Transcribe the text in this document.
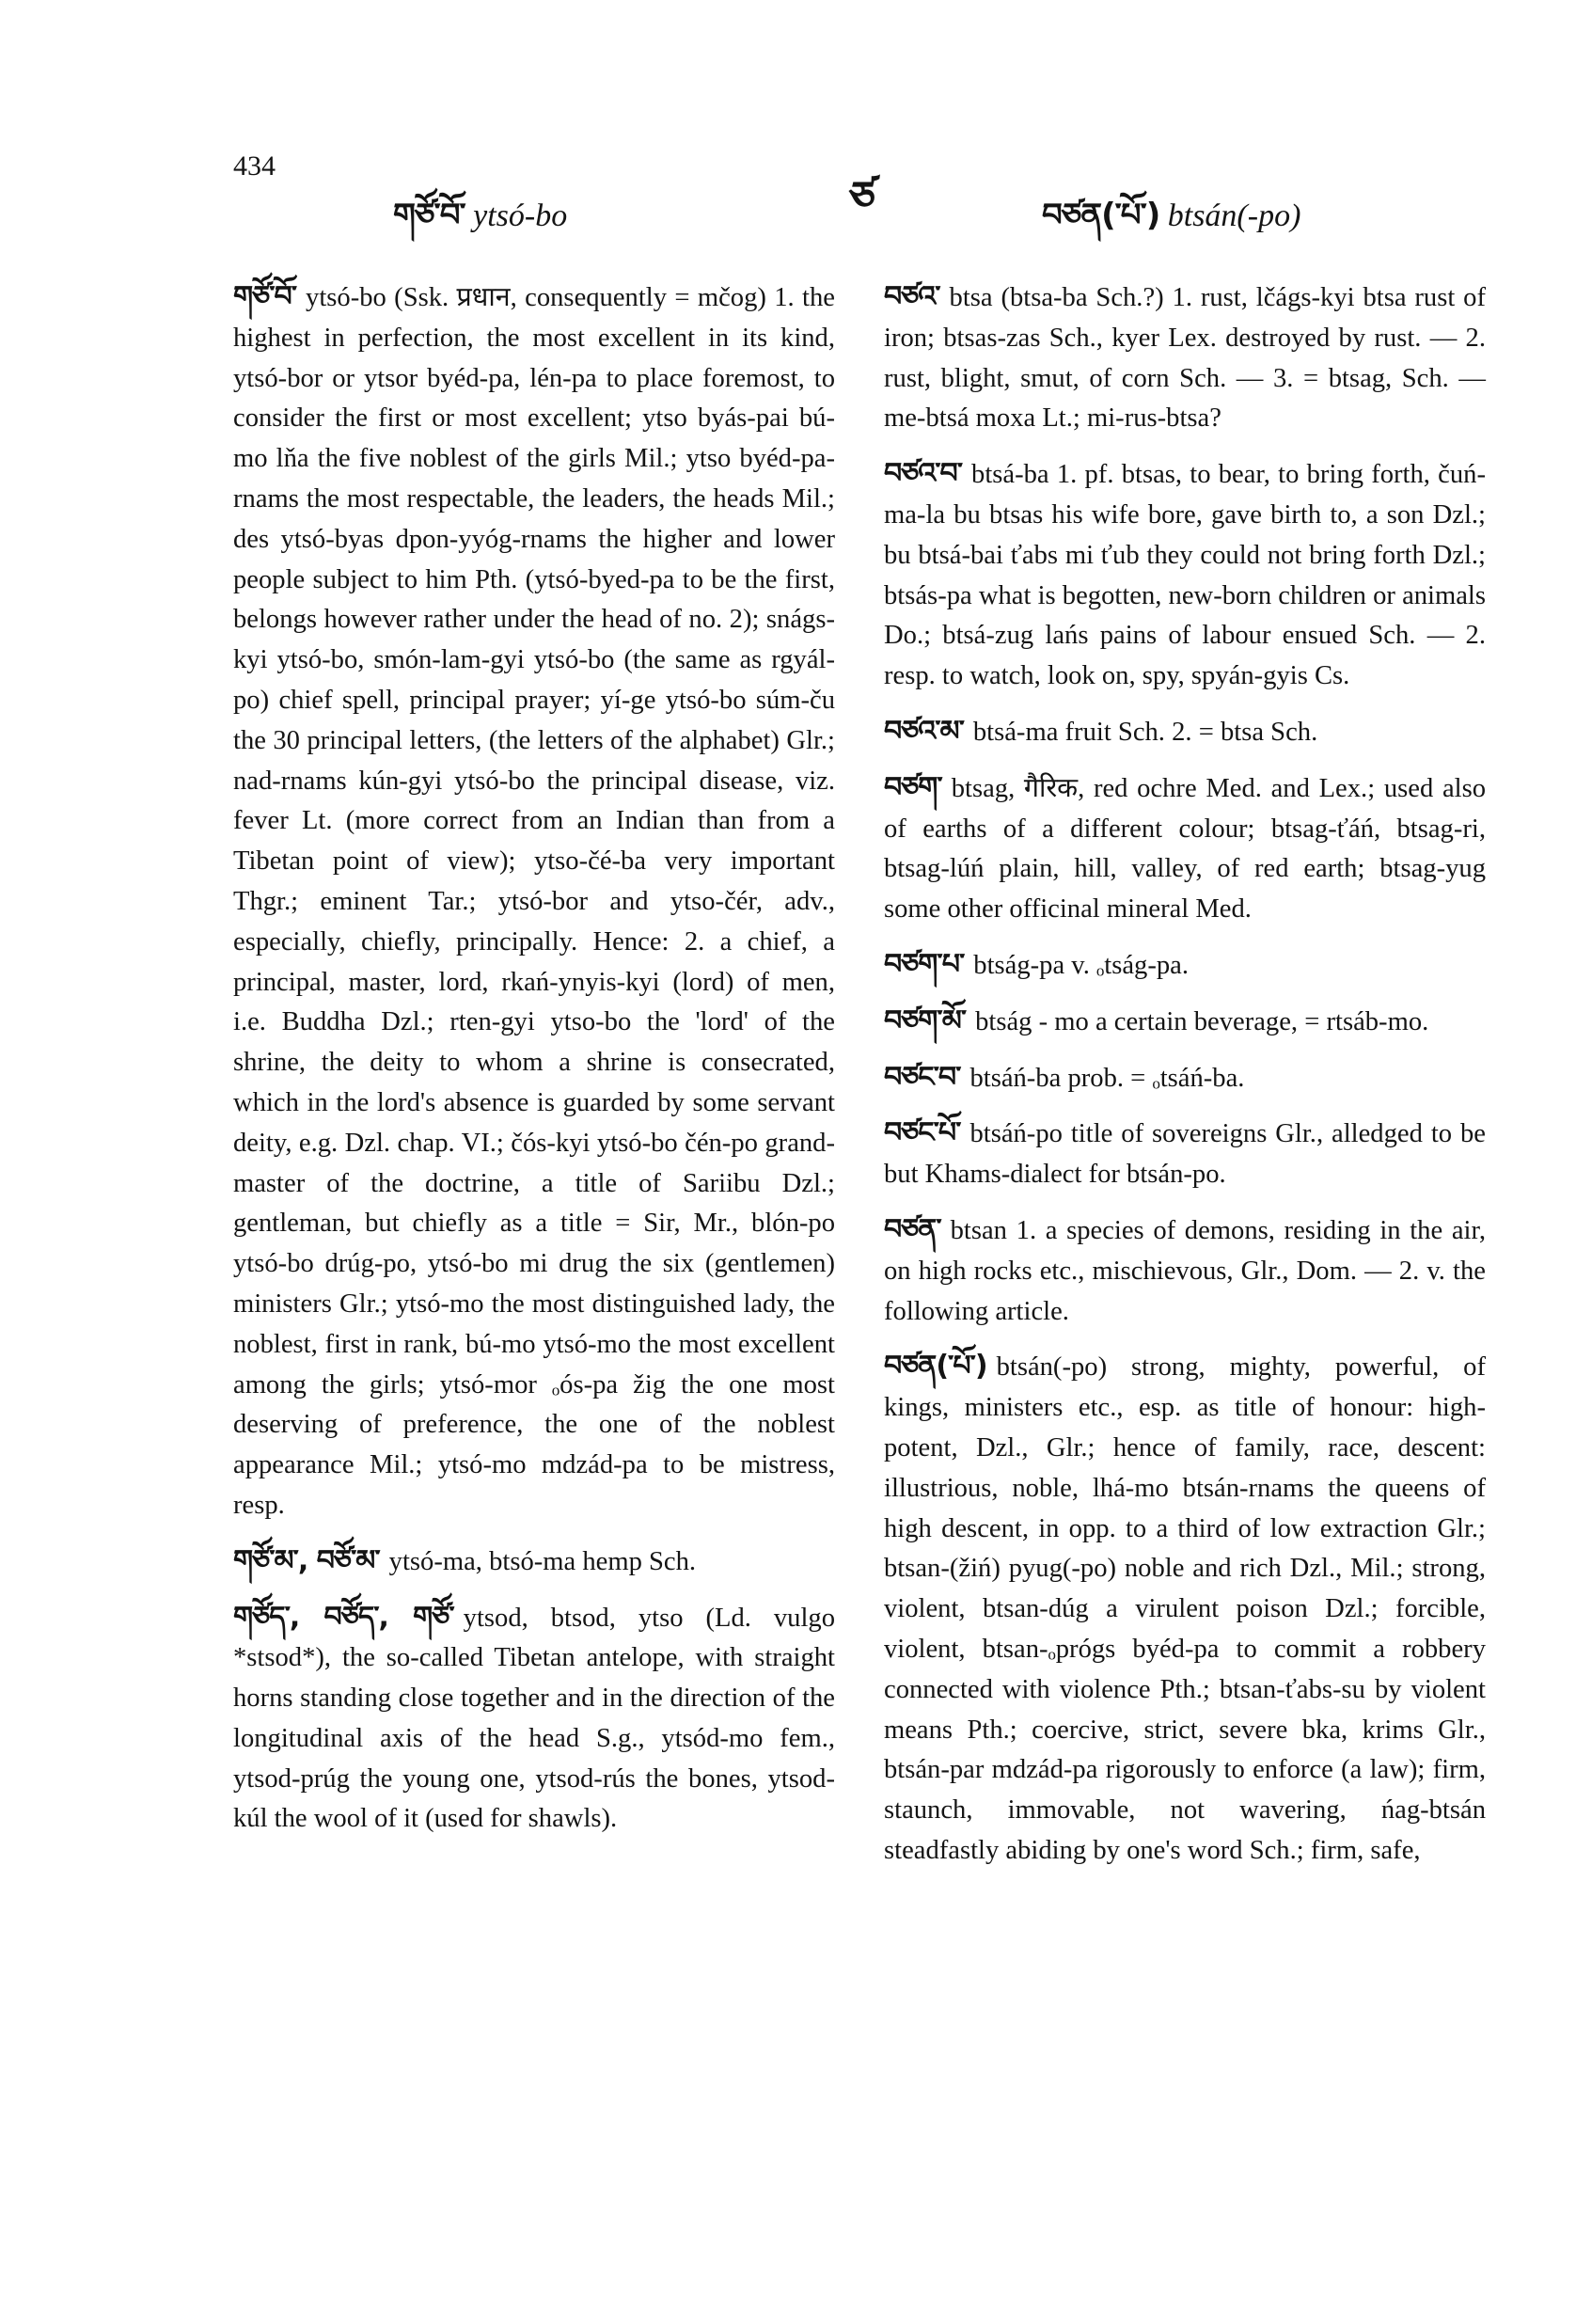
434
གཙོ་བོ་ ytsó-bo	ཙ	བཙན(་པོ་) btsán(-po)

གཙོ་བོ་ ytsó-bo (Ssk. प्रधान, consequently = mčog) 1. the highest in perfection, the most excellent in its kind, ytsó-bor or ytsor byéd-pa, lén-pa to place foremost, to consider the first or most excellent; ytso byás-pai bú-mo lňa the five noblest of the girls Mil.; ytso byéd-pa-rnams the most respectable, the leaders, the heads Mil.; des ytsó-byas dpon-yyóg-rnams the higher and lower people subject to him Pth. (ytsó-byed-pa to be the first, belongs however rather under the head of no. 2); snágs-kyi ytsó-bo, smón-lam-gyi ytsó-bo (the same as rgyál-po) chief spell, principal prayer; yí-ge ytsó-bo súm-ču the 30 principal letters, (the letters of the alphabet) Glr.; nad-rnams kún-gyi ytsó-bo the principal disease, viz. fever Lt. (more correct from an Indian than from a Tibetan point of view); ytso-čé-ba very important Thgr.; eminent Tar.; ytsó-bor and ytso-čér, adv., especially, chiefly, principally. Hence: 2. a chief, a principal, master, lord, rkań-ynyis-kyi (lord) of men, i.e. Buddha Dzl.; rten-gyi ytso-bo the 'lord' of the shrine, the deity to whom a shrine is consecrated, which in the lord's absence is guarded by some servant deity, e.g. Dzl. chap. VI.; čós-kyi ytsó-bo čén-po grand-master of the doctrine, a title of Sariibu Dzl.; gentleman, but chiefly as a title = Sir, Mr., blón-po ytsó-bo drúg-po, ytsó-bo mi drug the six (gentlemen) ministers Glr.; ytsó-mo the most distinguished lady, the noblest, first in rank, bú-mo ytsó-mo the most excellent among the girls; ytsó-mor ₒós-pa žig the one most deserving of preference, the one of the noblest appearance Mil.; ytsó-mo mdzád-pa to be mistress, resp.

གཙོ་མ་, བཙོ་མ་ ytsó-ma, btsó-ma hemp Sch.

གཙོད་, བཙོད་, གཙོ་ ytsod, btsod, ytso (Ld. vulgo *stsod*), the so-called Tibetan antelope, with straight horns standing close together and in the direction of the longitudinal axis of the head S.g., ytsód-mo fem., ytsod-prúg the young one, ytsod-rús the bones, ytsod-kúl the wool of it (used for shawls).

བཙའ་ btsa (btsa-ba Sch.?) 1. rust, lčágs-kyi btsa rust of iron; btsas-zas Sch., kyer Lex. destroyed by rust. — 2. rust, blight, smut, of corn Sch. — 3. = btsag, Sch. — me-btsá moxa Lt.; mi-rus-btsa?

བཙའ་བ་ btsá-ba 1. pf. btsas, to bear, to bring forth, čuń-ma-la bu btsas his wife bore, gave birth to, a son Dzl.; bu btsá-bai ťabs mi ťub they could not bring forth Dzl.; btsás-pa what is begotten, new-born children or animals Do.; btsá-zug lańs pains of labour ensued Sch. — 2. resp. to watch, look on, spy, spyán-gyis Cs.

བཙའ་མ་ btsá-ma fruit Sch. 2. = btsa Sch.

བཙག་ btsag, गैरिक, red ochre Med. and Lex.; used also of earths of a different colour; btsag-ťáń, btsag-ri, btsag-lúń plain, hill, valley, of red earth; btsag-yug some other officinal mineral Med.

བཙག་པ་ btság-pa v. ₒtság-pa.

བཙག་མོ་ btság - mo a certain beverage, = rtsáb-mo.

བཙང་བ་ btsáń-ba prob. = ₒtsáń-ba.

བཙང་པོ་ btsáń-po title of sovereigns Glr., alledged to be but Khams-dialect for btsán-po.

བཙན་ btsan 1. a species of demons, residing in the air, on high rocks etc., mischievous, Glr., Dom. — 2. v. the following article.

བཙན(་པོ་) btsán(-po) strong, mighty, powerful, of kings, ministers etc., esp. as title of honour: high-potent, Dzl., Glr.; hence of family, race, descent: illustrious, noble, lhá-mo btsán-rnams the queens of high descent, in opp. to a third of low extraction Glr.; btsan-(žiń) pyug(-po) noble and rich Dzl., Mil.; strong, violent, btsan-dúg a virulent poison Dzl.; forcible, violent, btsan-ₒprógs byéd-pa to commit a robbery connected with violence Pth.; btsan-ťabs-su by violent means Pth.; coercive, strict, severe bka, krims Glr., btsán-par mdzád-pa rigorously to enforce (a law); firm, staunch, immovable, not wavering, ńag-btsán steadfastly abiding by one's word Sch.; firm, safe,
